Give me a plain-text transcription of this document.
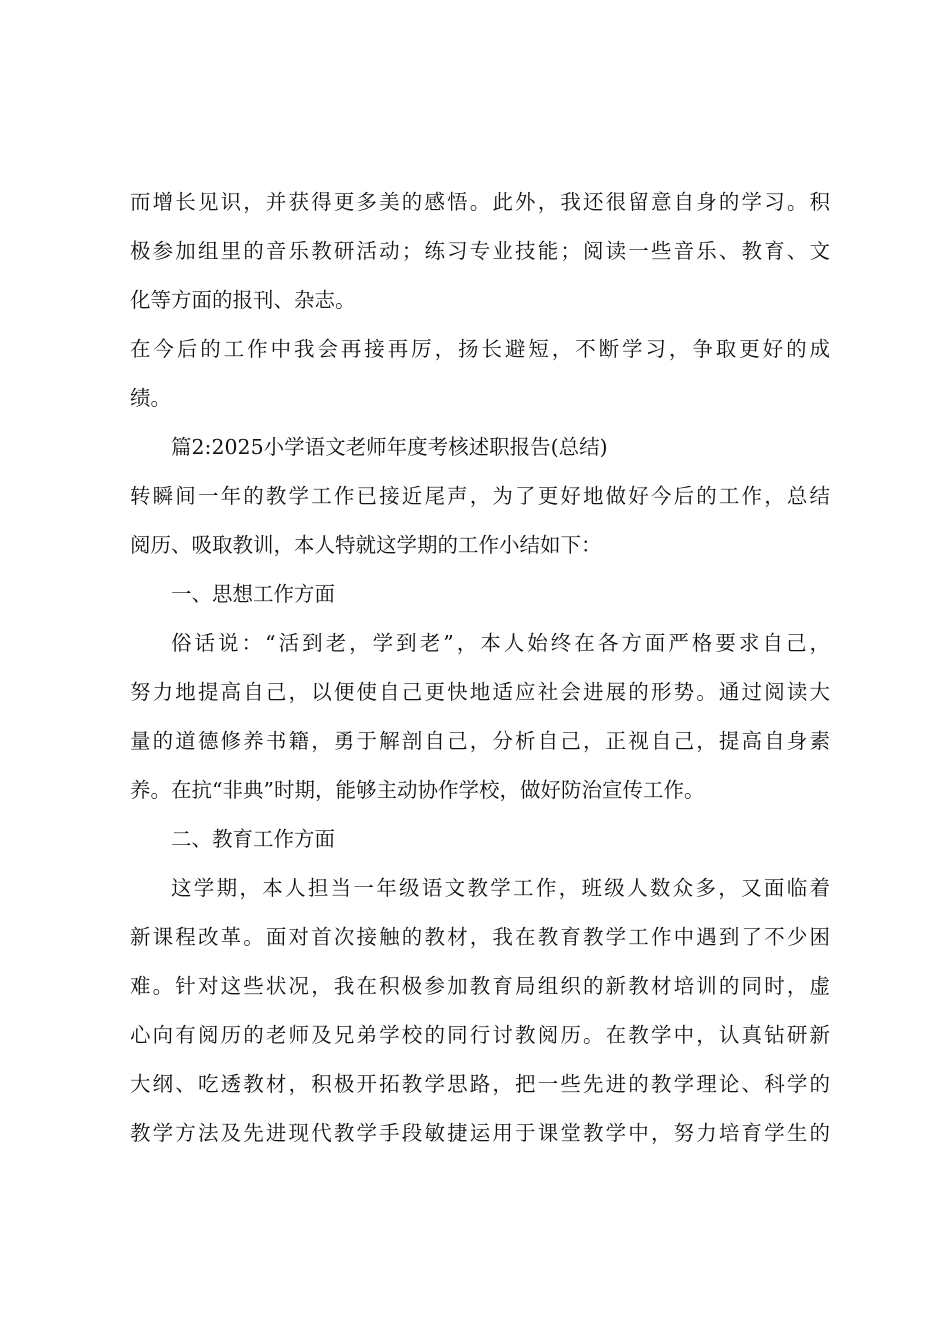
而增长见识，并获得更多美的感悟。此外，我还很留意自身的学习。积
极参加组里的音乐教研活动；练习专业技能；阅读一些音乐、教育、文
化等方面的报刊、杂志。
在今后的工作中我会再接再厉，扬长避短，不断学习，争取更好的成
绩。
篇2:2025小学语文老师年度考核述职报告(总结)
转瞬间一年的教学工作已接近尾声，为了更好地做好今后的工作，总结
阅历、吸取教训，本人特就这学期的工作小结如下：
一、思想工作方面
俗话说：“活到老，学到老”，本人始终在各方面严格要求自己，
努力地提高自己，以便使自己更快地适应社会进展的形势。通过阅读大
量的道德修养书籍，勇于解剖自己，分析自己，正视自己，提高自身素
养。在抗“非典”时期，能够主动协作学校，做好防治宣传工作。
二、教育工作方面
这学期，本人担当一年级语文教学工作，班级人数众多，又面临着
新课程改革。面对首次接触的教材，我在教育教学工作中遇到了不少困
难。针对这些状况，我在积极参加教育局组织的新教材培训的同时，虚
心向有阅历的老师及兄弟学校的同行讨教阅历。在教学中，认真钻研新
大纲、吃透教材，积极开拓教学思路，把一些先进的教学理论、科学的
教学方法及先进现代教学手段敏捷运用于课堂教学中，努力培育学生的
